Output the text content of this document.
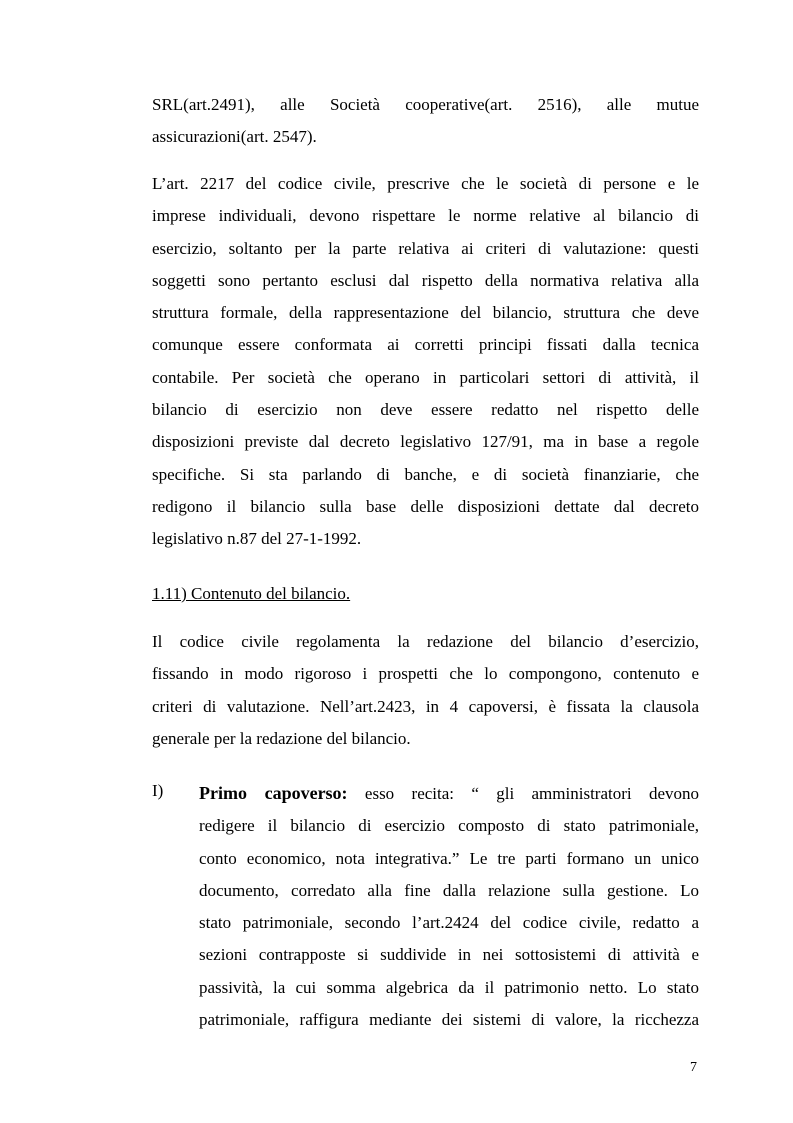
SRL(art.2491), alle Società cooperative(art. 2516), alle mutue
assicurazioni(art. 2547).
L’art. 2217 del codice civile, prescrive che le società di persone e le
imprese individuali, devono rispettare le norme relative al bilancio di
esercizio, soltanto per la parte relativa ai criteri di valutazione: questi
soggetti sono pertanto esclusi dal rispetto della normativa relativa alla
struttura formale, della rappresentazione del bilancio, struttura che deve
comunque essere conformata ai corretti principi fissati dalla tecnica
contabile. Per società che operano in particolari settori di attività, il
bilancio di esercizio non deve essere redatto nel rispetto delle
disposizioni previste dal decreto legislativo 127/91, ma in base a regole
specifiche. Si sta parlando di banche, e di società finanziarie, che
redigono il bilancio sulla base delle disposizioni dettate dal decreto
legislativo n.87 del 27-1-1992.
1.11) Contenuto del bilancio.
Il codice civile regolamenta la redazione del bilancio d’esercizio,
fissando in modo rigoroso i prospetti che lo compongono, contenuto e
criteri di valutazione. Nell’art.2423, in 4 capoversi, è fissata la clausola
generale per la redazione del bilancio.
I) Primo capoverso: esso recita: “ gli amministratori devono
redigere il bilancio di esercizio composto di stato patrimoniale,
conto economico, nota integrativa.” Le tre parti formano un unico
documento, corredato alla fine dalla relazione sulla gestione. Lo
stato patrimoniale, secondo l’art.2424 del codice civile, redatto a
sezioni contrapposte si suddivide in nei sottosistemi di attività e
passività, la cui somma algebrica da il patrimonio netto. Lo stato
patrimoniale, raffigura mediante dei sistemi di valore, la ricchezza
7
